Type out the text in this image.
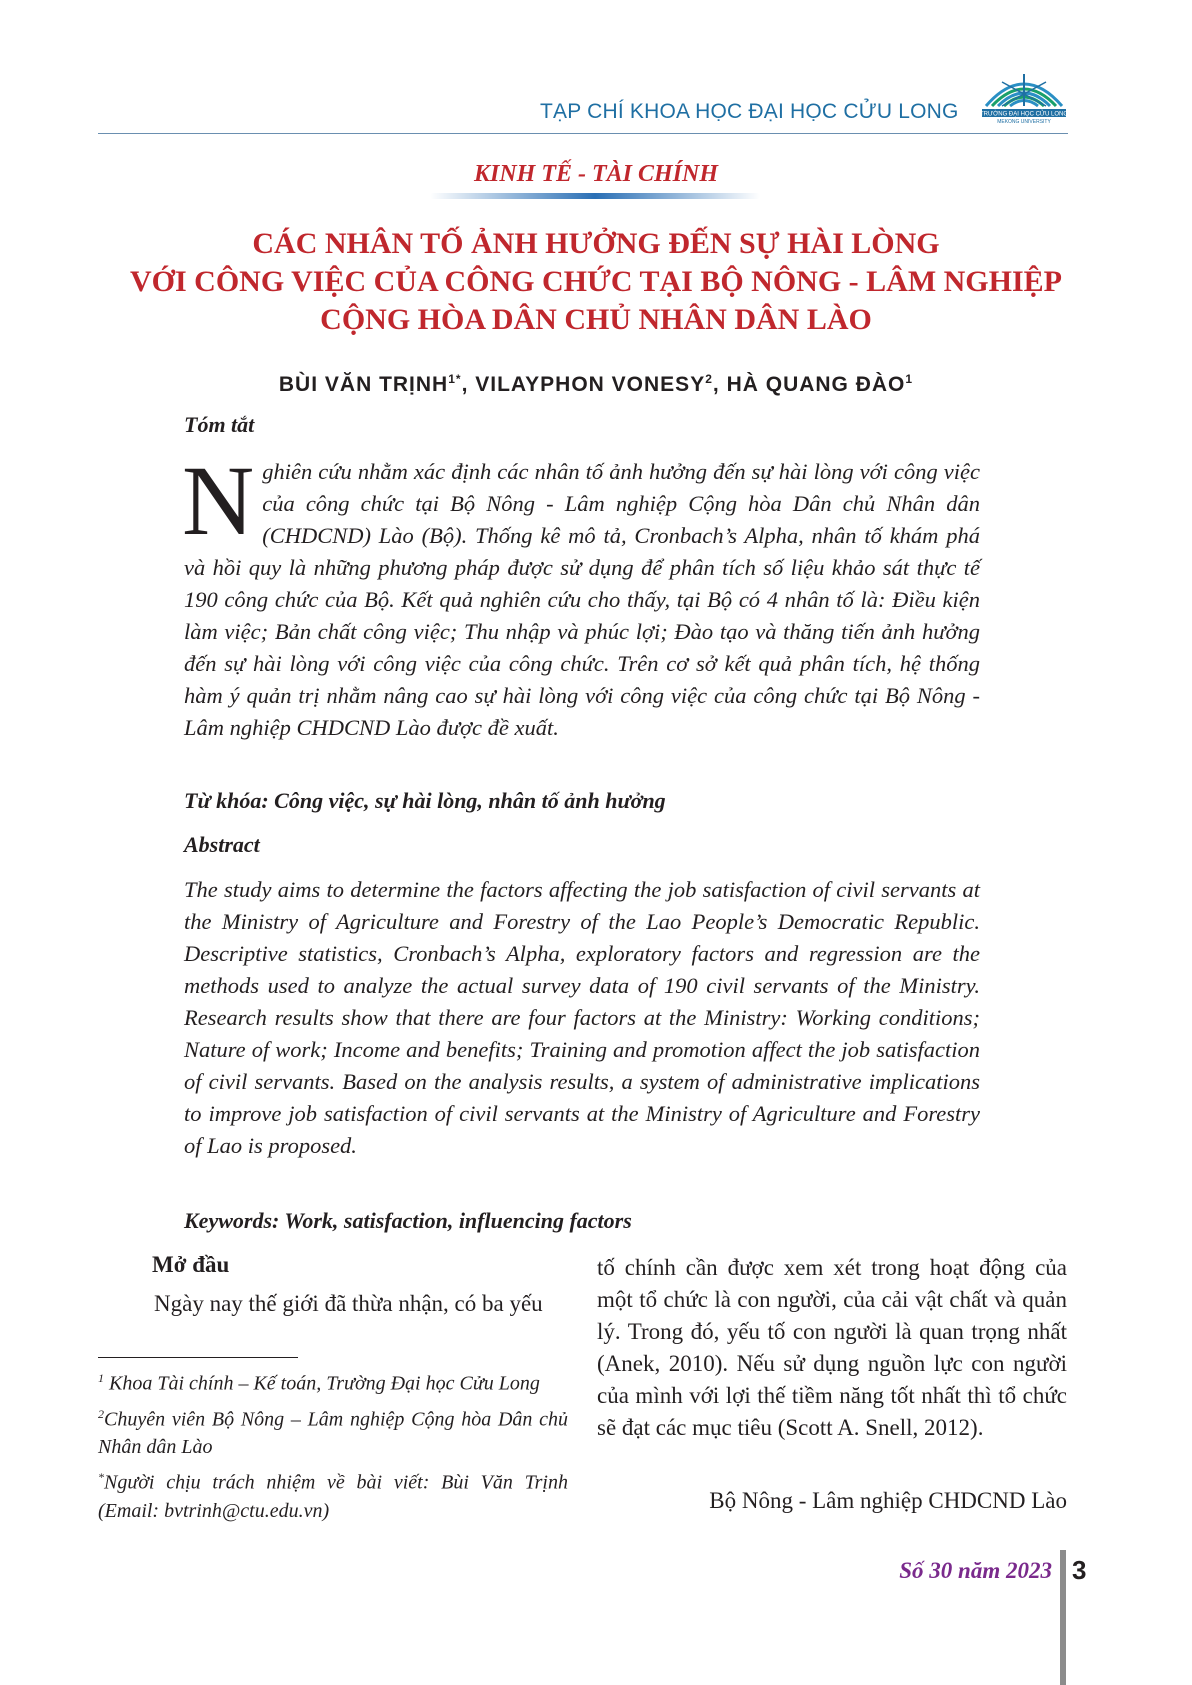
TẠP CHÍ KHOA HỌC ĐẠI HỌC CỬU LONG	TRƯỜNG ĐẠI HỌC CỬU LONG
MEKONG UNIVERSITY
KINH TẾ - TÀI CHÍNH
CÁC NHÂN TỐ ẢNH HƯỞNG ĐẾN SỰ HÀI LÒNG
VỚI CÔNG VIỆC CỦA CÔNG CHỨC TẠI BỘ NÔNG - LÂM NGHIỆP
CỘNG HÒA DÂN CHỦ NHÂN DÂN LÀO
BÙI VĂN TRỊNH$^{1*}$, VILAYPHON VONESY$^2$, HÀ QUANG ĐÀO$^1$
Tóm tắt
Nghiên cứu nhằm xác định các nhân tố ảnh hưởng đến sự hài lòng với công việc của công chức tại Bộ Nông - Lâm nghiệp Cộng hòa Dân chủ Nhân dân (CHDCND) Lào (Bộ). Thống kê mô tả, Cronbach’s Alpha, nhân tố khám phá và hồi quy là những phương pháp được sử dụng để phân tích số liệu khảo sát thực tế 190 công chức của Bộ. Kết quả nghiên cứu cho thấy, tại Bộ có 4 nhân tố là: Điều kiện làm việc; Bản chất công việc; Thu nhập và phúc lợi; Đào tạo và thăng tiến ảnh hưởng đến sự hài lòng với công việc của công chức. Trên cơ sở kết quả phân tích, hệ thống hàm ý quản trị nhằm nâng cao sự hài lòng với công việc của công chức tại Bộ Nông - Lâm nghiệp CHDCND Lào được đề xuất.
Từ khóa: Công việc, sự hài lòng, nhân tố ảnh hưởng
Abstract
The study aims to determine the factors affecting the job satisfaction of civil servants at the Ministry of Agriculture and Forestry of the Lao People’s Democratic Republic. Descriptive statistics, Cronbach’s Alpha, exploratory factors and regression are the methods used to analyze the actual survey data of 190 civil servants of the Ministry. Research results show that there are four factors at the Ministry: Working conditions; Nature of work; Income and benefits; Training and promotion affect the job satisfaction of civil servants. Based on the analysis results, a system of administrative implications to improve job satisfaction of civil servants at the Ministry of Agriculture and Forestry of Lao is proposed.
Keywords: Work, satisfaction, influencing factors
Mở đầu
Ngày nay thế giới đã thừa nhận, có ba yếu

$^1$ Khoa Tài chính – Kế toán, Trường Đại học Cửu Long

$^2$Chuyên viên Bộ Nông – Lâm nghiệp Cộng hòa Dân chủ Nhân dân Lào

*Người chịu trách nhiệm về bài viết: Bùi Văn Trịnh (Email: bvtrinh@ctu.edu.vn)

tố chính cần được xem xét trong hoạt động của một tổ chức là con người, của cải vật chất và quản lý. Trong đó, yếu tố con người là quan trọng nhất (Anek, 2010). Nếu sử dụng nguồn lực con người của mình với lợi thế tiềm năng tốt nhất thì tổ chức sẽ đạt các mục tiêu (Scott A. Snell, 2012).

Bộ Nông - Lâm nghiệp CHDCND Lào
Số 30 năm 2023 3
